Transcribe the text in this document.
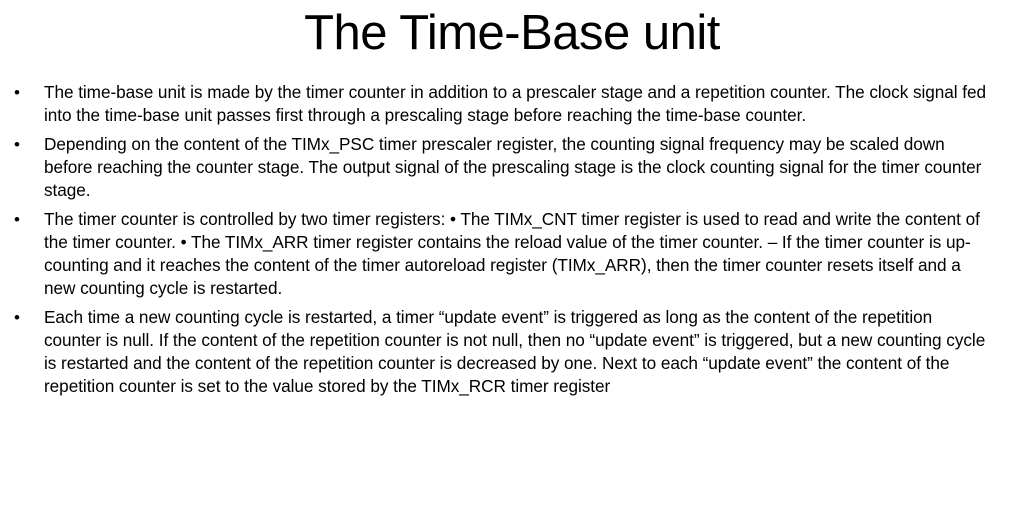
The Time-Base unit
•	The time-base unit is made by the timer counter in addition to a prescaler stage and a repetition counter. The clock signal fed into the time-base unit passes first through a prescaling stage before reaching the time-base counter.
•	Depending on the content of the TIMx_PSC timer prescaler register, the counting signal frequency may be scaled down before reaching the counter stage. The output signal of the prescaling stage is the clock counting signal for the timer counter stage.
•	The timer counter is controlled by two timer registers: • The TIMx_CNT timer register is used to read and write the content of the timer counter. • The TIMx_ARR timer register contains the reload value of the timer counter. – If the timer counter is up-counting and it reaches the content of the timer autoreload register (TIMx_ARR), then the timer counter resets itself and a new counting cycle is restarted.
•	Each time a new counting cycle is restarted, a timer “update event” is triggered as long as the content of the repetition counter is null. If the content of the repetition counter is not null, then no “update event” is triggered, but a new counting cycle is restarted and the content of the repetition counter is decreased by one. Next to each “update event” the content of the repetition counter is set to the value stored by the TIMx_RCR timer register
